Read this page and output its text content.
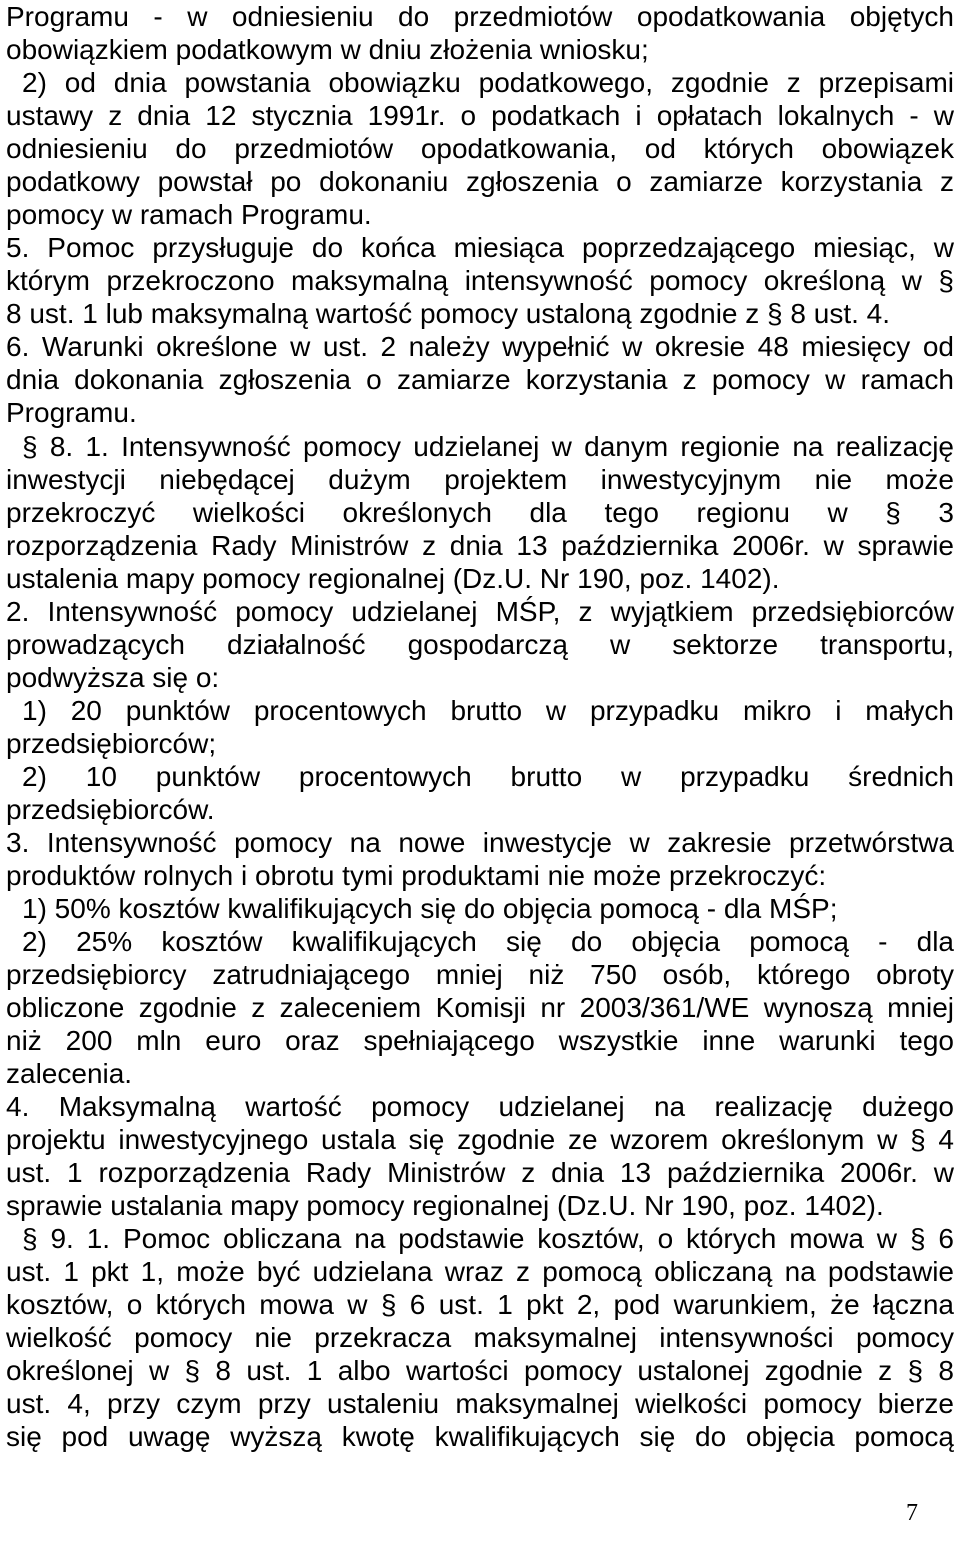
Programu - w odniesieniu do przedmiotów opodatkowania objętych
obowiązkiem podatkowym w dniu złożenia wniosku;
2) od dnia powstania obowiązku podatkowego, zgodnie z przepisami
ustawy z dnia 12 stycznia 1991r. o podatkach i opłatach lokalnych - w
odniesieniu do przedmiotów opodatkowania, od których obowiązek
podatkowy powstał po dokonaniu zgłoszenia o zamiarze korzystania z
pomocy w ramach Programu.
5. Pomoc przysługuje do końca miesiąca poprzedzającego miesiąc, w
którym przekroczono maksymalną intensywność pomocy określoną w §
8 ust. 1 lub maksymalną wartość pomocy ustaloną zgodnie z § 8 ust. 4.
6. Warunki określone w ust. 2 należy wypełnić w okresie 48 miesięcy od
dnia dokonania zgłoszenia o zamiarze korzystania z pomocy w ramach
Programu.
§ 8. 1. Intensywność pomocy udzielanej w danym regionie na realizację
inwestycji niebędącej dużym projektem inwestycyjnym nie może
przekroczyć wielkości określonych dla tego regionu w § 3
rozporządzenia Rady Ministrów z dnia 13 października 2006r. w sprawie
ustalenia mapy pomocy regionalnej (Dz.U. Nr 190, poz. 1402).
2. Intensywność pomocy udzielanej MŚP, z wyjątkiem przedsiębiorców
prowadzących działalność gospodarczą w sektorze transportu,
podwyższa się o:
1) 20 punktów procentowych brutto w przypadku mikro i małych
przedsiębiorców;
2) 10 punktów procentowych brutto w przypadku średnich
przedsiębiorców.
3. Intensywność pomocy na nowe inwestycje w zakresie przetwórstwa
produktów rolnych i obrotu tymi produktami nie może przekroczyć:
1) 50% kosztów kwalifikujących się do objęcia pomocą - dla MŚP;
2) 25% kosztów kwalifikujących się do objęcia pomocą - dla
przedsiębiorcy zatrudniającego mniej niż 750 osób, którego obroty
obliczone zgodnie z zaleceniem Komisji nr 2003/361/WE wynoszą mniej
niż 200 mln euro oraz spełniającego wszystkie inne warunki tego
zalecenia.
4. Maksymalną wartość pomocy udzielanej na realizację dużego
projektu inwestycyjnego ustala się zgodnie ze wzorem określonym w § 4
ust. 1 rozporządzenia Rady Ministrów z dnia 13 października 2006r. w
sprawie ustalania mapy pomocy regionalnej (Dz.U. Nr 190, poz. 1402).
§ 9. 1. Pomoc obliczana na podstawie kosztów, o których mowa w § 6
ust. 1 pkt 1, może być udzielana wraz z pomocą obliczaną na podstawie
kosztów, o których mowa w § 6 ust. 1 pkt 2, pod warunkiem, że łączna
wielkość pomocy nie przekracza maksymalnej intensywności pomocy
określonej w § 8 ust. 1 albo wartości pomocy ustalonej zgodnie z § 8
ust. 4, przy czym przy ustaleniu maksymalnej wielkości pomocy bierze
się pod uwagę wyższą kwotę kwalifikujących się do objęcia pomocą
7
